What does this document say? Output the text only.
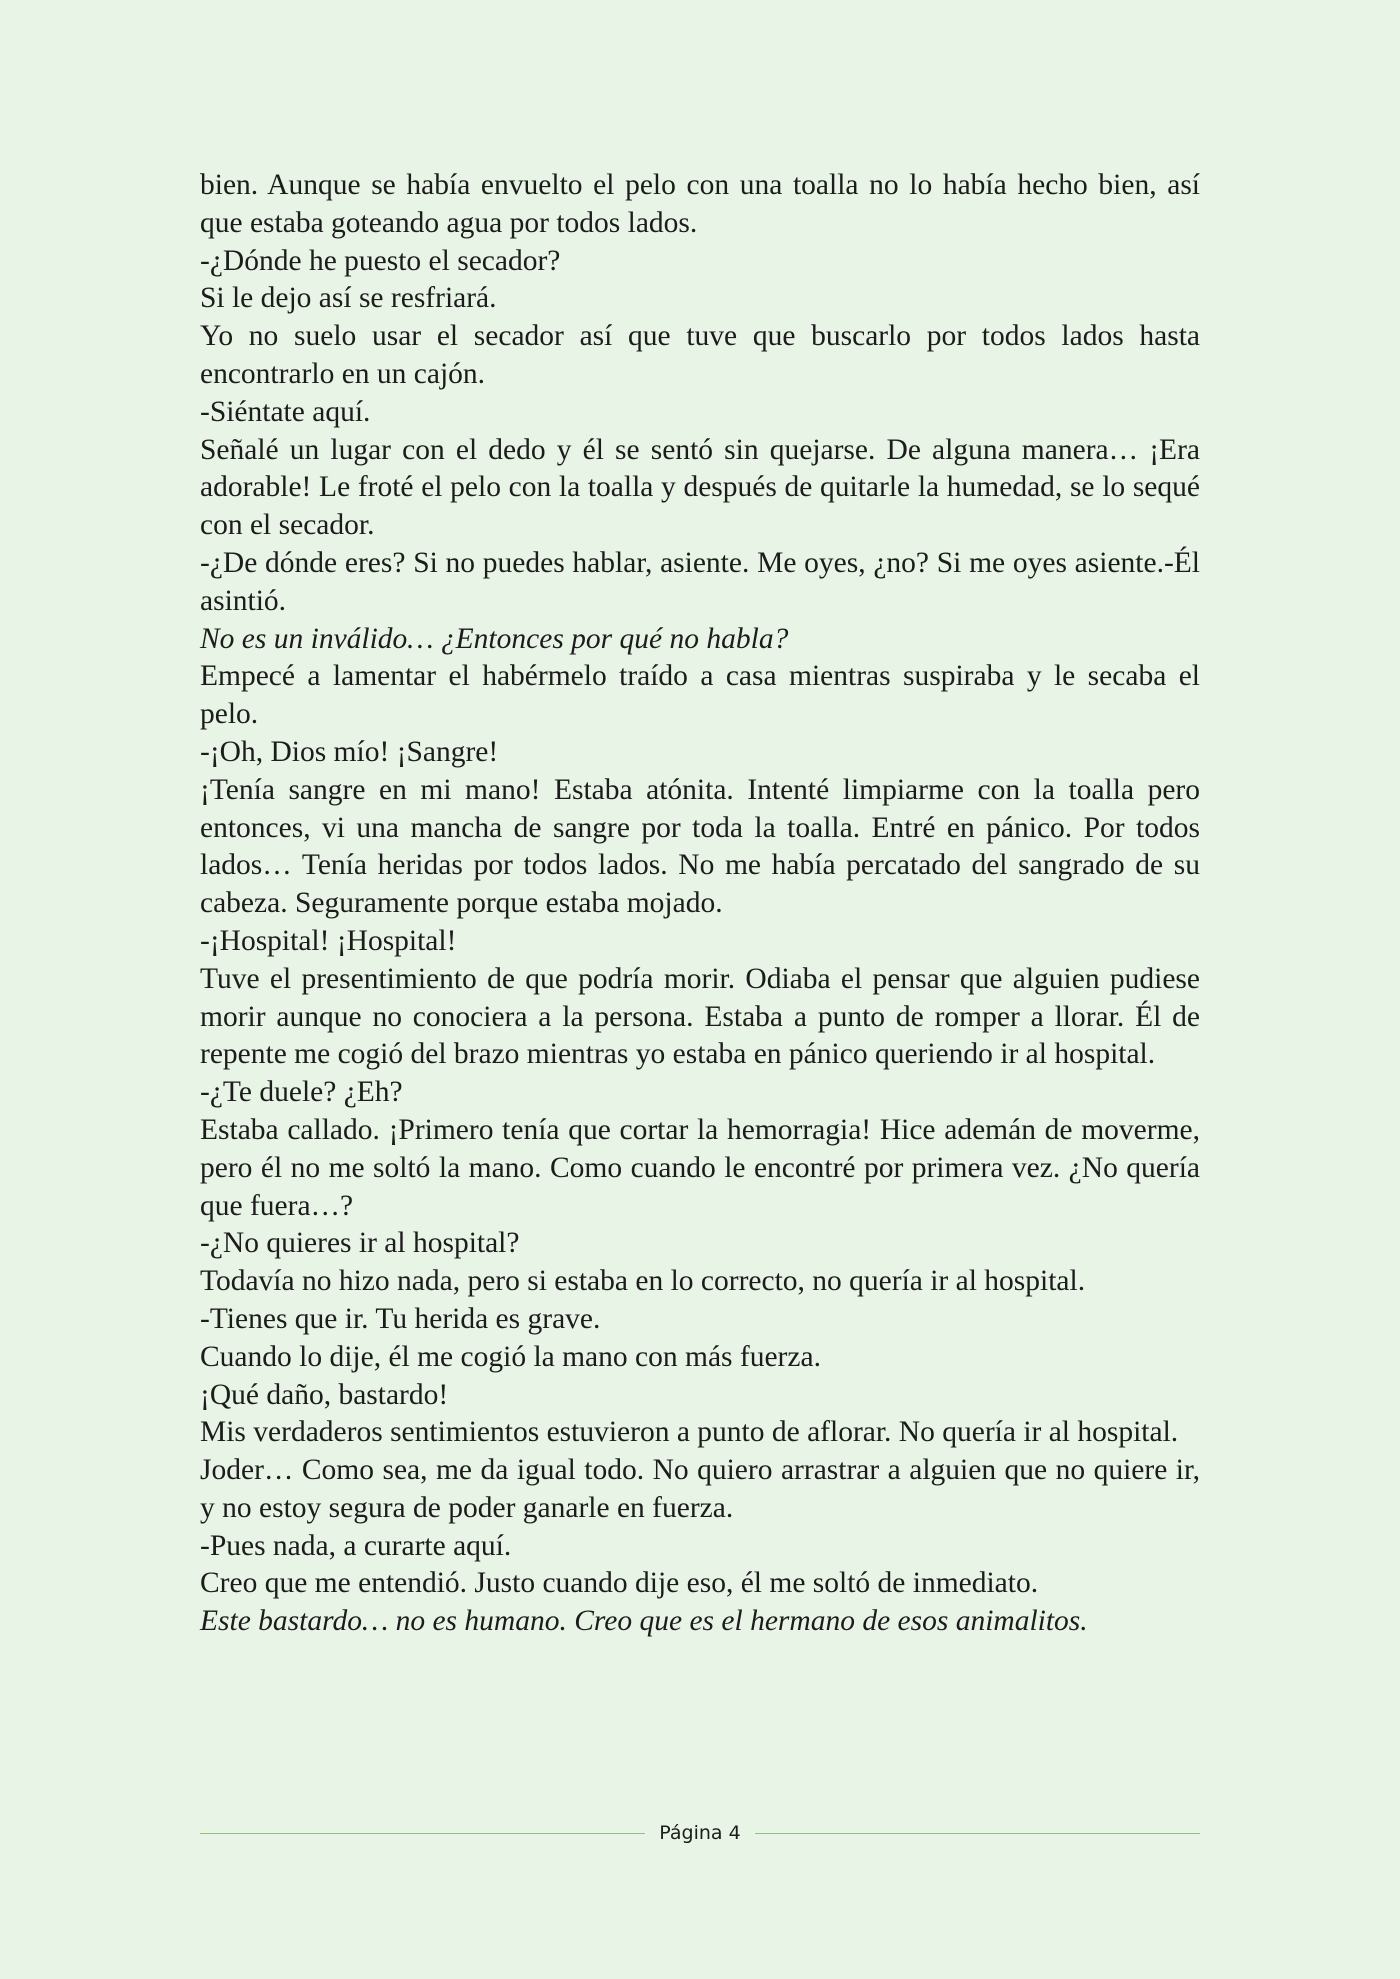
bien. Aunque se había envuelto el pelo con una toalla no lo había hecho bien, así que estaba goteando agua por todos lados.

-¿Dónde he puesto el secador?

Si le dejo así se resfriará.

Yo no suelo usar el secador así que tuve que buscarlo por todos lados hasta encontrarlo en un cajón.

-Siéntate aquí.

Señalé un lugar con el dedo y él se sentó sin quejarse. De alguna manera… ¡Era adorable! Le froté el pelo con la toalla y después de quitarle la humedad, se lo sequé con el secador.

-¿De dónde eres? Si no puedes hablar, asiente. Me oyes, ¿no? Si me oyes asiente.-Él asintió.

No es un inválido… ¿Entonces por qué no habla?

Empecé a lamentar el habérmelo traído a casa mientras suspiraba y le secaba el pelo.

-¡Oh, Dios mío! ¡Sangre!

¡Tenía sangre en mi mano! Estaba atónita. Intenté limpiarme con la toalla pero entonces, vi una mancha de sangre por toda la toalla. Entré en pánico. Por todos lados… Tenía heridas por todos lados. No me había percatado del sangrado de su cabeza. Seguramente porque estaba mojado.

-¡Hospital! ¡Hospital!

Tuve el presentimiento de que podría morir. Odiaba el pensar que alguien pudiese morir aunque no conociera a la persona. Estaba a punto de romper a llorar. Él de repente me cogió del brazo mientras yo estaba en pánico queriendo ir al hospital.

-¿Te duele? ¿Eh?

Estaba callado. ¡Primero tenía que cortar la hemorragia! Hice ademán de moverme, pero él no me soltó la mano. Como cuando le encontré por primera vez. ¿No quería que fuera…?

-¿No quieres ir al hospital?

Todavía no hizo nada, pero si estaba en lo correcto, no quería ir al hospital.

-Tienes que ir. Tu herida es grave.

Cuando lo dije, él me cogió la mano con más fuerza.

¡Qué daño, bastardo!

Mis verdaderos sentimientos estuvieron a punto de aflorar. No quería ir al hospital.

Joder… Como sea, me da igual todo. No quiero arrastrar a alguien que no quiere ir, y no estoy segura de poder ganarle en fuerza.

-Pues nada, a curarte aquí.

Creo que me entendió. Justo cuando dije eso, él me soltó de inmediato.

Este bastardo… no es humano. Creo que es el hermano de esos animalitos.

Página 4
